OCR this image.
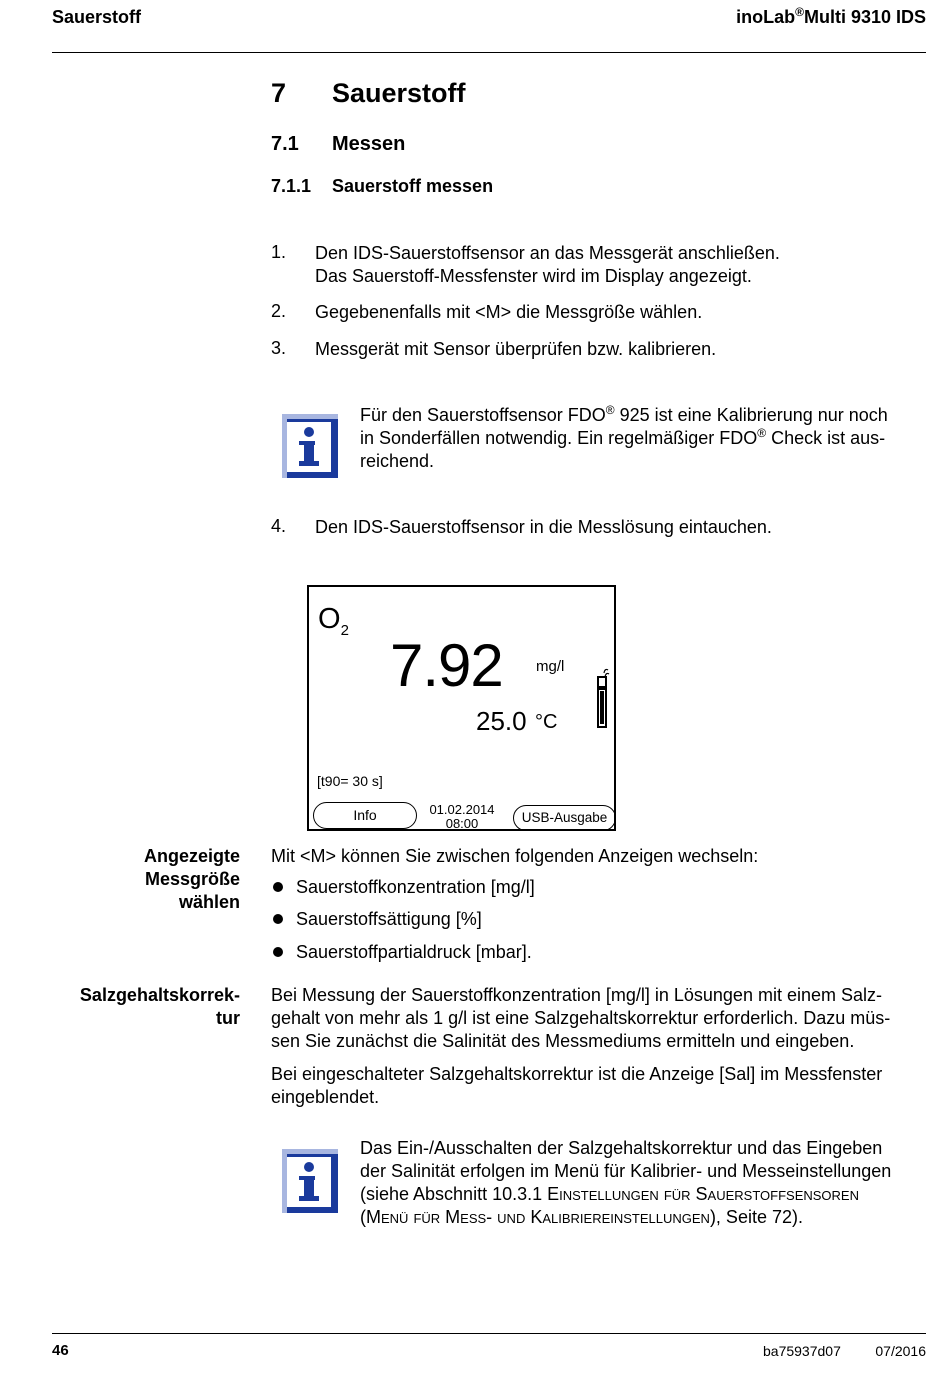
Sauerstoff	inoLab®Multi 9310 IDS
7 Sauerstoff
7.1 Messen
7.1.1 Sauerstoff messen
1. Den IDS-Sauerstoffsensor an das Messgerät anschließen.
Das Sauerstoff-Messfenster wird im Display angezeigt.
2. Gegebenenfalls mit <M> die Messgröße wählen.
3. Messgerät mit Sensor überprüfen bzw. kalibrieren.
Für den Sauerstoffsensor FDO® 925 ist eine Kalibrierung nur noch
in Sonderfällen notwendig. Ein regelmäßiger FDO® Check ist aus-
reichend.
4. Den IDS-Sauerstoffsensor in die Messlösung eintauchen.
$O_2$
7.92 mg/l
25.0 °C
[t90= 30 s]
Info	01.02.2014
08:00	USB-Ausgabe
Angezeigte
Messgröße
wählen
Mit <M> können Sie zwischen folgenden Anzeigen wechseln:
Sauerstoffkonzentration [mg/l]
Sauerstoffsättigung [%]
Sauerstoffpartialdruck [mbar].
Salzgehaltskorrek-
tur
Bei Messung der Sauerstoffkonzentration [mg/l] in Lösungen mit einem Salz-
gehalt von mehr als 1 g/l ist eine Salzgehaltskorrektur erforderlich. Dazu müs-
sen Sie zunächst die Salinität des Messmediums ermitteln und eingeben.
Bei eingeschalteter Salzgehaltskorrektur ist die Anzeige [Sal] im Messfenster
eingeblendet.
Das Ein-/Ausschalten der Salzgehaltskorrektur und das Eingeben
der Salinität erfolgen im Menü für Kalibrier- und Messeinstellungen
(siehe Abschnitt 10.3.1 Einstellungen für Sauerstoffsensoren
(Menü für Mess- und Kalibriereinstellungen), Seite 72).
46	ba75937d07 07/2016
